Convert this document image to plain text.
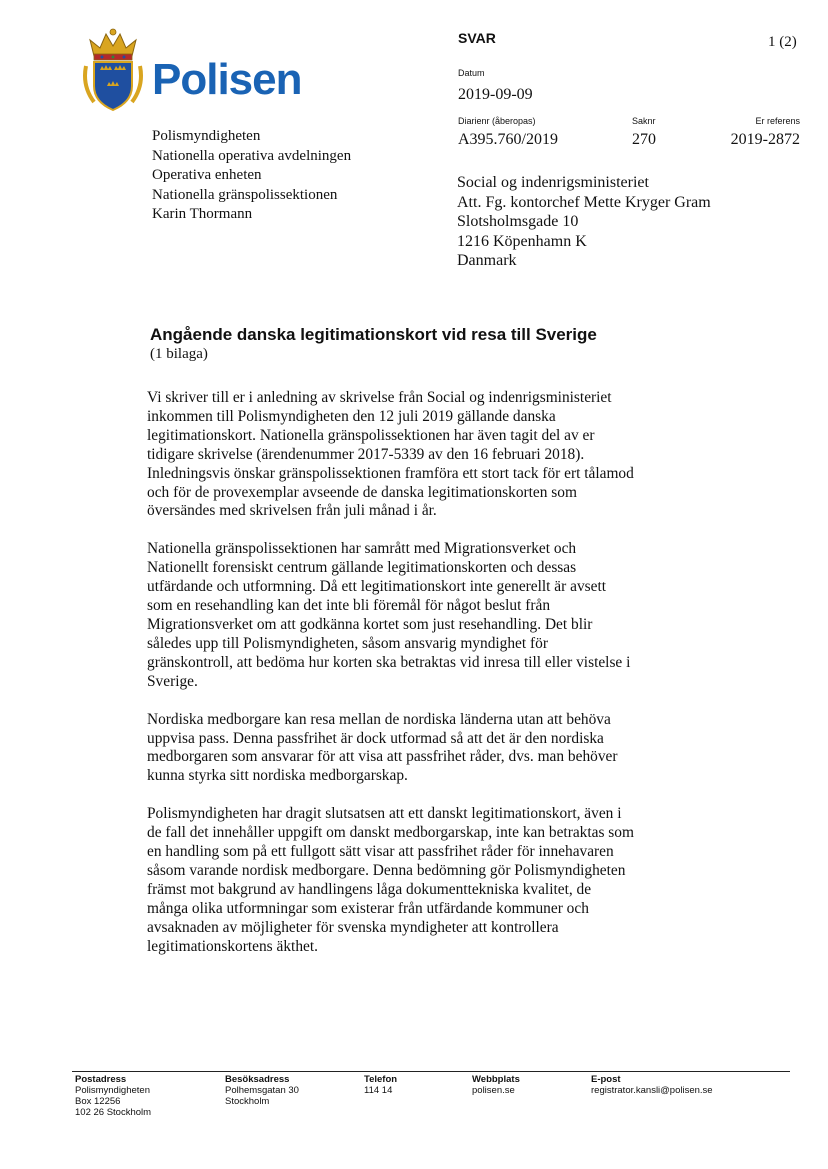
Polisen
SVAR	1 (2)
Datum
2019-09-09
Diarienr (åberopas)
A395.760/2019
Saknr
270
Er referens
2019-2872
Polismyndigheten
Nationella operativa avdelningen
Operativa enheten
Nationella gränspolissektionen
Karin Thormann
Social og indenrigsministeriet
Att. Fg. kontorchef Mette Kryger Gram
Slotsholmsgade 10
1216 Köpenhamn K
Danmark
Angående danska legitimationskort vid resa till Sverige
(1 bilaga)

Vi skriver till er i anledning av skrivelse från Social og indenrigsministeriet
inkommen till Polismyndigheten den 12 juli 2019 gällande danska
legitimationskort. Nationella gränspolissektionen har även tagit del av er
tidigare skrivelse (ärendenummer 2017-5339 av den 16 februari 2018).
Inledningsvis önskar gränspolissektionen framföra ett stort tack för ert tålamod
och för de provexemplar avseende de danska legitimationskorten som
översändes med skrivelsen från juli månad i år.

Nationella gränspolissektionen har samrått med Migrationsverket och
Nationellt forensiskt centrum gällande legitimationskorten och dessas
utfärdande och utformning. Då ett legitimationskort inte generellt är avsett
som en resehandling kan det inte bli föremål för något beslut från
Migrationsverket om att godkänna kortet som just resehandling. Det blir
således upp till Polismyndigheten, såsom ansvarig myndighet för
gränskontroll, att bedöma hur korten ska betraktas vid inresa till eller vistelse i
Sverige.

Nordiska medborgare kan resa mellan de nordiska länderna utan att behöva
uppvisa pass. Denna passfrihet är dock utformad så att det är den nordiska
medborgaren som ansvarar för att visa att passfrihet råder, dvs. man behöver
kunna styrka sitt nordiska medborgarskap.

Polismyndigheten har dragit slutsatsen att ett danskt legitimationskort, även i
de fall det innehåller uppgift om danskt medborgarskap, inte kan betraktas som
en handling som på ett fullgott sätt visar att passfrihet råder för innehavaren
såsom varande nordisk medborgare. Denna bedömning gör Polismyndigheten
främst mot bakgrund av handlingens låga dokumenttekniska kvalitet, de
många olika utformningar som existerar från utfärdande kommuner och
avsaknaden av möjligheter för svenska myndigheter att kontrollera
legitimationskortens äkthet.

Postadress
Polismyndigheten
Box 12256
102 26 Stockholm
Besöksadress
Polhemsgatan 30
Stockholm
Telefon
114 14
Webbplats
polisen.se
E-post
registrator.kansli@polisen.se
